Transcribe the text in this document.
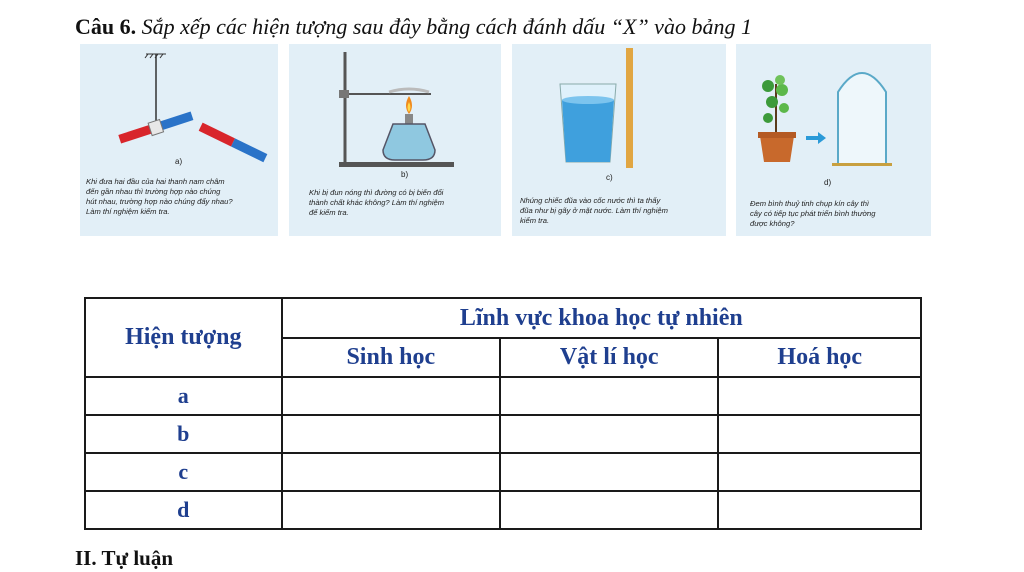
Câu 6. Sắp xếp các hiện tượng sau đây bằng cách đánh dấu “X” vào bảng 1
a)
Khi đưa hai đầu của hai thanh nam châm
đến gần nhau thì trường hợp nào chúng
hút nhau, trường hợp nào chúng đẩy nhau?
Làm thí nghiệm kiểm tra.
b)
Khi bị đun nóng thì đường có bị biến đổi
thành chất khác không? Làm thí nghiệm
để kiểm tra.
c)
Nhúng chiếc đũa vào cốc nước thì ta thấy
đũa như bị gãy ở mặt nước. Làm thí nghiệm
kiểm tra.
d)
Đem bình thuỷ tinh chụp kín cây thì
cây có tiếp tục phát triển bình thường
được không?
Hiện tượng	Lĩnh vực khoa học tự nhiên		
	Sinh học	Vật lí học	Hoá học
a			
b			
c			
d			
II. Tự luận
